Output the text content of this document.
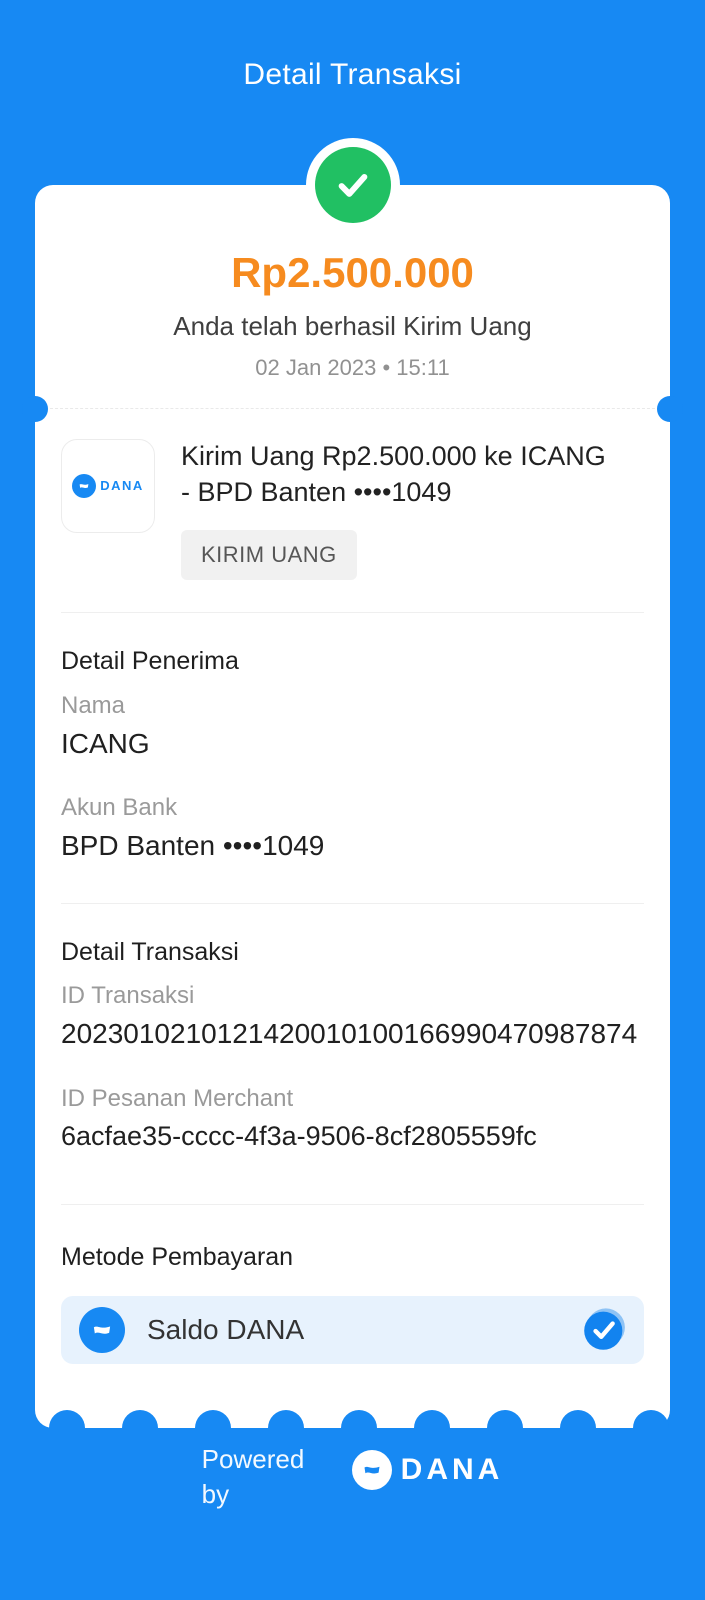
Detail Transaksi
Rp2.500.000
Anda telah berhasil Kirim Uang
02 Jan 2023 • 15:11
DANA
Kirim Uang Rp2.500.000 ke ICANG - BPD Banten ••••1049
KIRIM UANG
Detail Penerima
Nama
ICANG
Akun Bank
BPD Banten ••••1049
Detail Transaksi
ID Transaksi
2023010210121420010100166990470987874
ID Pesanan Merchant
6acfae35-cccc-4f3a-9506-8cf2805559fc
Metode Pembayaran
Saldo DANA
Powered by
DANA
